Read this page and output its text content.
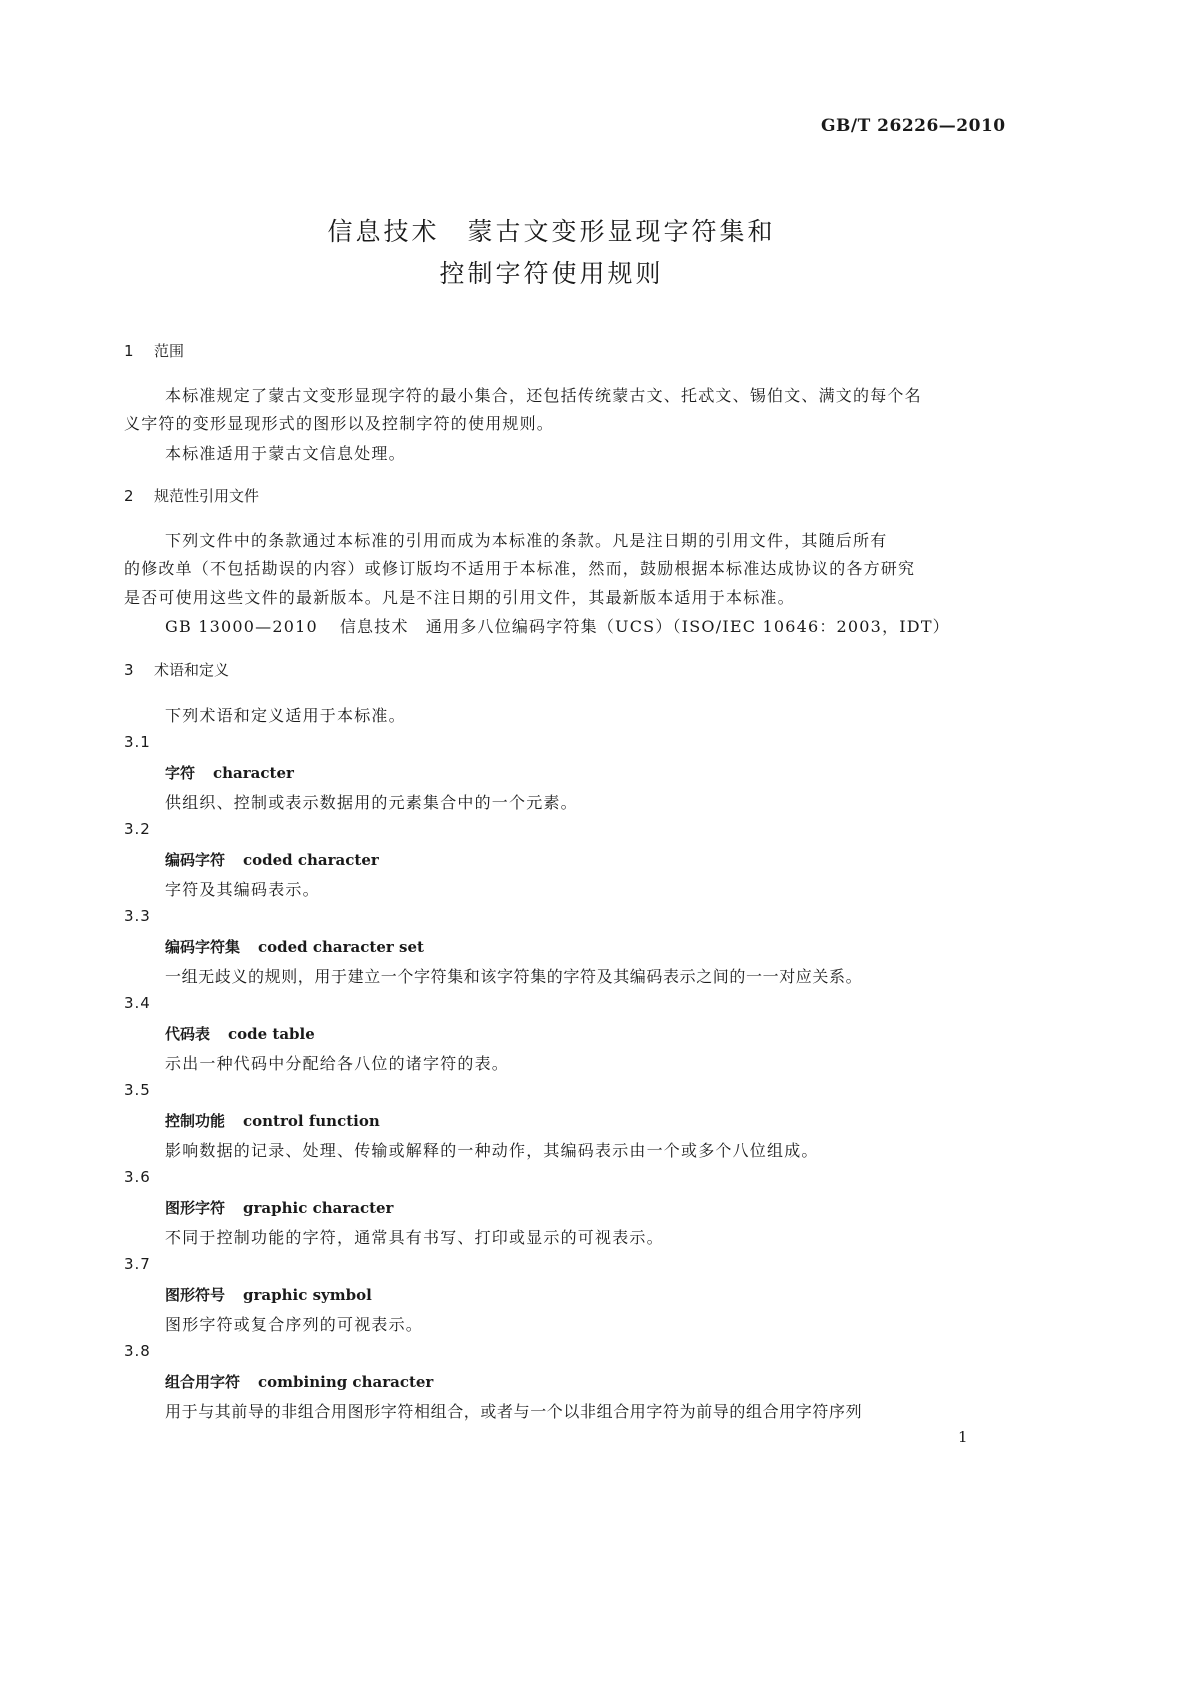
GB/T 26226—2010
信息技术　蒙古文变形显现字符集和
控制字符使用规则
1 范围
本标准规定了蒙古文变形显现字符的最小集合，还包括传统蒙古文、托忒文、锡伯文、满文的每个名
义字符的变形显现形式的图形以及控制字符的使用规则。
本标准适用于蒙古文信息处理。
2 规范性引用文件
下列文件中的条款通过本标准的引用而成为本标准的条款。凡是注日期的引用文件，其随后所有
的修改单（不包括勘误的内容）或修订版均不适用于本标准，然而，鼓励根据本标准达成协议的各方研究
是否可使用这些文件的最新版本。凡是不注日期的引用文件，其最新版本适用于本标准。
GB 13000—2010 信息技术　通用多八位编码字符集（UCS）（ISO/IEC 10646：2003，IDT）
3 术语和定义
下列术语和定义适用于本标准。
3.1
字符 character
供组织、控制或表示数据用的元素集合中的一个元素。
3.2
编码字符 coded character
字符及其编码表示。
3.3
编码字符集 coded character set
一组无歧义的规则，用于建立一个字符集和该字符集的字符及其编码表示之间的一一对应关系。
3.4
代码表 code table
示出一种代码中分配给各八位的诸字符的表。
3.5
控制功能 control function
影响数据的记录、处理、传输或解释的一种动作，其编码表示由一个或多个八位组成。
3.6
图形字符 graphic character
不同于控制功能的字符，通常具有书写、打印或显示的可视表示。
3.7
图形符号 graphic symbol
图形字符或复合序列的可视表示。
3.8
组合用字符 combining character
用于与其前导的非组合用图形字符相组合，或者与一个以非组合用字符为前导的组合用字符序列
1
